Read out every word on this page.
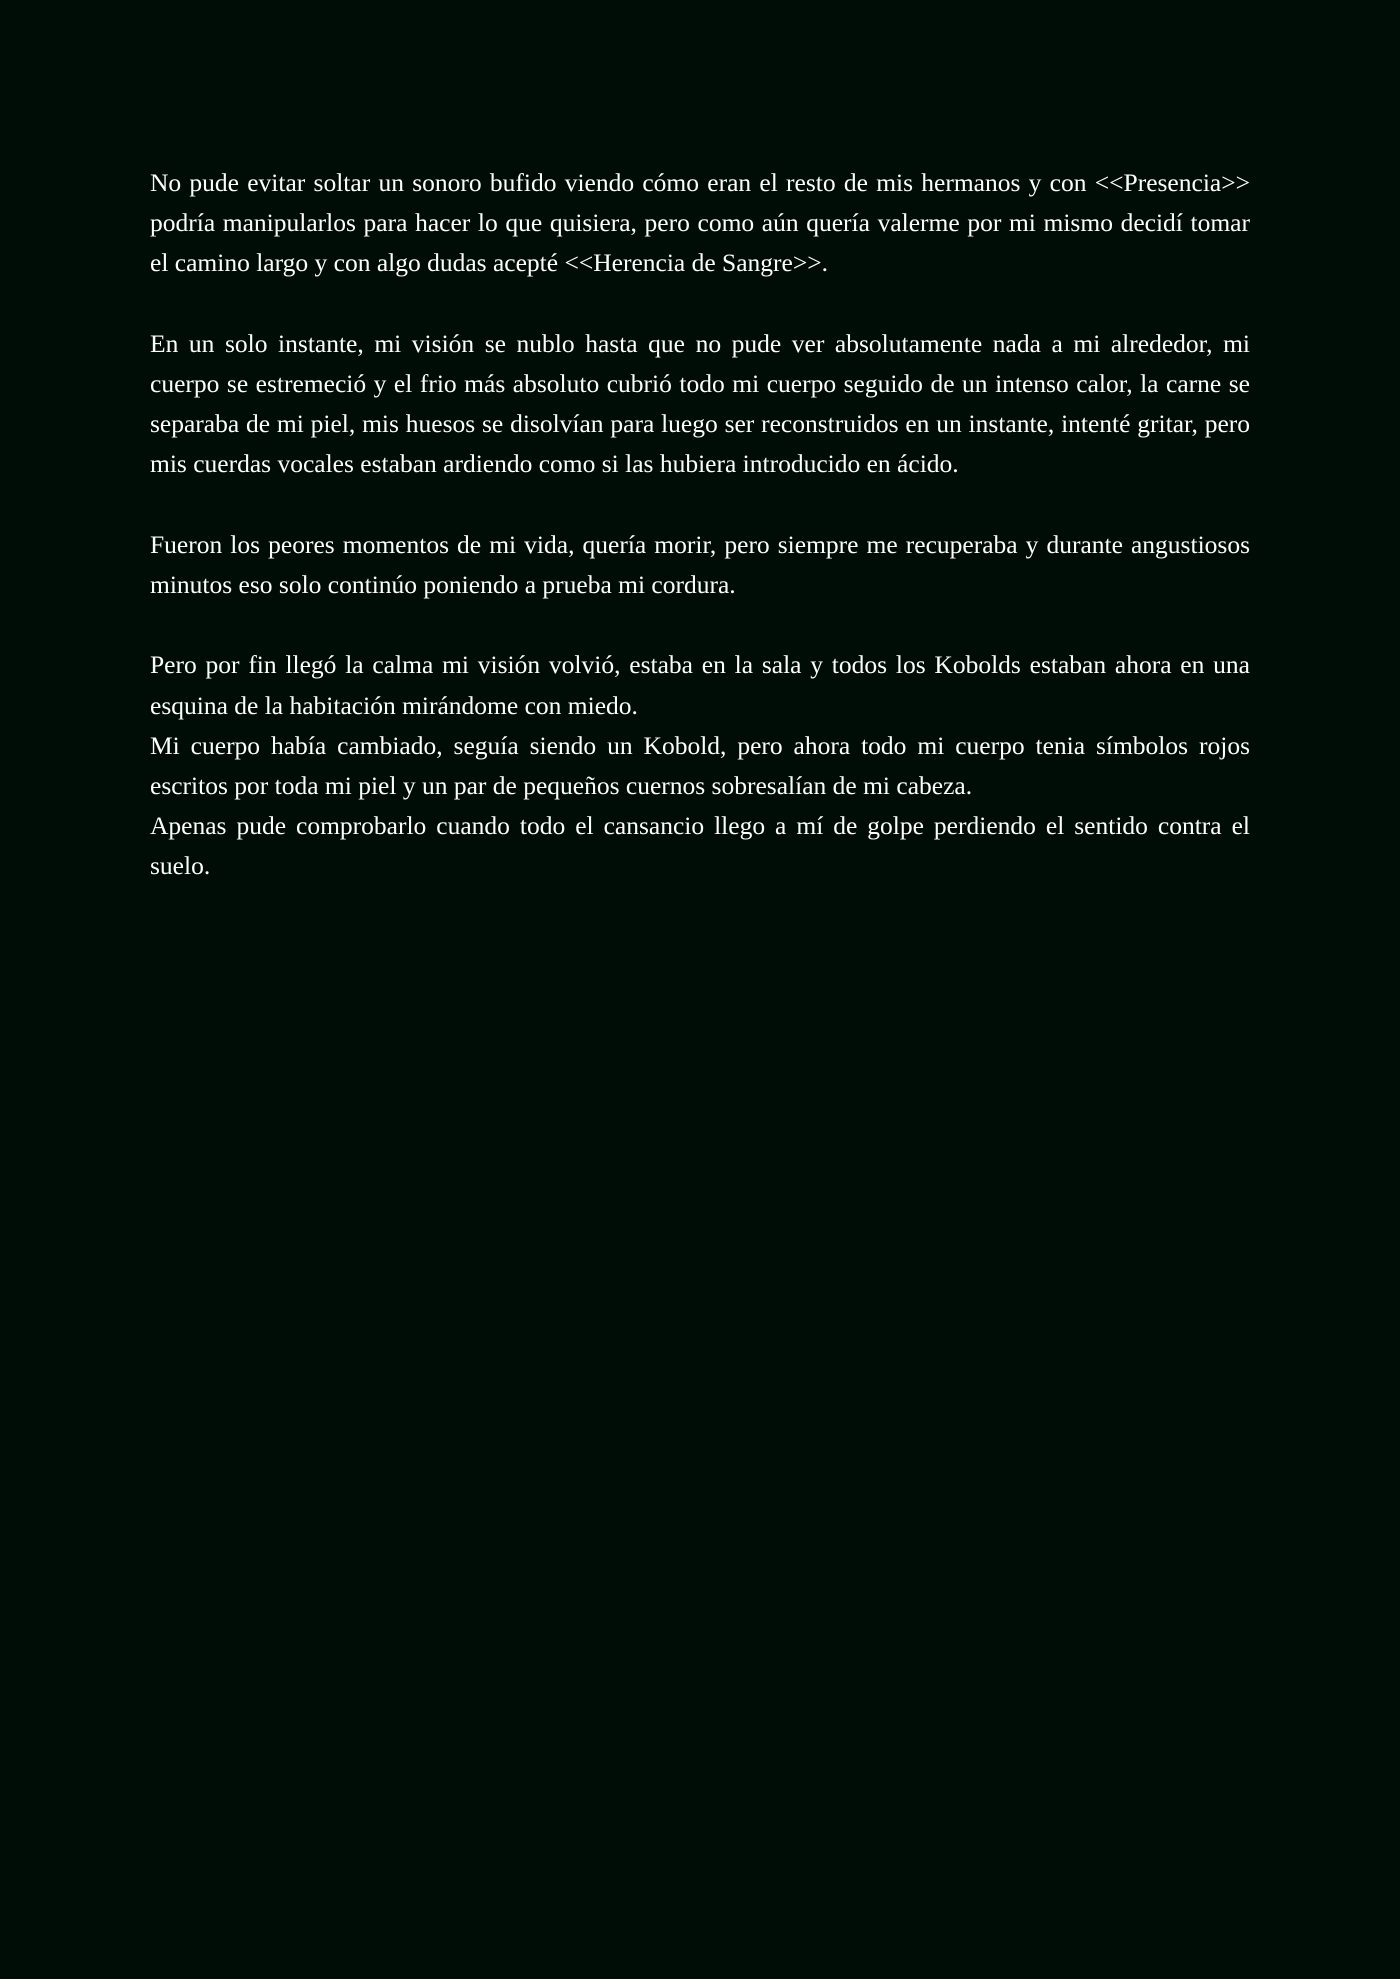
No pude evitar soltar un sonoro bufido viendo cómo eran el resto de mis hermanos y con <<Presencia>> podría manipularlos para hacer lo que quisiera, pero como aún quería valerme por mi mismo decidí tomar el camino largo y con algo dudas acepté <<Herencia de Sangre>>.

En un solo instante, mi visión se nublo hasta que no pude ver absolutamente nada a mi alrededor, mi cuerpo se estremeció y el frio más absoluto cubrió todo mi cuerpo seguido de un intenso calor, la carne se separaba de mi piel, mis huesos se disolvían para luego ser reconstruidos en un instante, intenté gritar, pero mis cuerdas vocales estaban ardiendo como si las hubiera introducido en ácido.

Fueron los peores momentos de mi vida, quería morir, pero siempre me recuperaba y durante angustiosos minutos eso solo continúo poniendo a prueba mi cordura.

Pero por fin llegó la calma mi visión volvió, estaba en la sala y todos los Kobolds estaban ahora en una esquina de la habitación mirándome con miedo.

Mi cuerpo había cambiado, seguía siendo un Kobold, pero ahora todo mi cuerpo tenia símbolos rojos escritos por toda mi piel y un par de pequeños cuernos sobresalían de mi cabeza.

Apenas pude comprobarlo cuando todo el cansancio llego a mí de golpe perdiendo el sentido contra el suelo.
